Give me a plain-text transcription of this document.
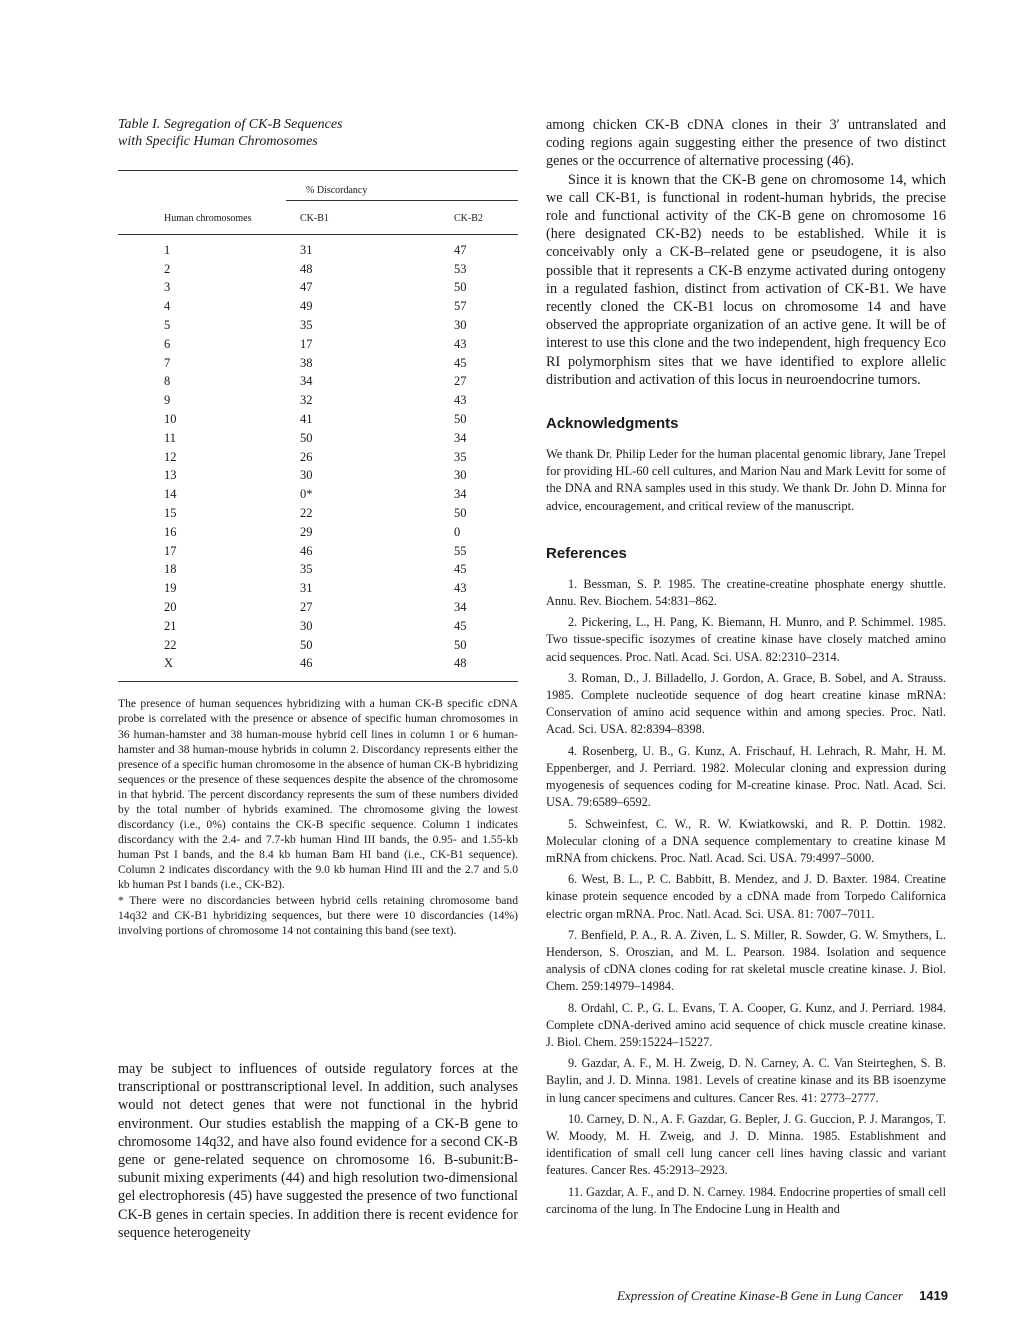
Table I. Segregation of CK-B Sequences
with Specific Human Chromosomes

	% Discordancy	
Human chromosomes	CK-B1	CK-B2
1	31	47
2	48	53
3	47	50
4	49	57
5	35	30
6	17	43
7	38	45
8	34	27
9	32	43
10	41	50
11	50	34
12	26	35
13	30	30
14	0*	34
15	22	50
16	29	0
17	46	55
18	35	45
19	31	43
20	27	34
21	30	45
22	50	50
X	46	48

The presence of human sequences hybridizing with a human CK-B specific cDNA probe is correlated with the presence or absence of specific human chromosomes in 36 human-hamster and 38 human-mouse hybrid cell lines in column 1 or 6 human-hamster and 38 human-mouse hybrids in column 2. Discordancy represents either the presence of a specific human chromosome in the absence of human CK-B hybridizing sequences or the presence of these sequences despite the absence of the chromosome in that hybrid. The percent discordancy represents the sum of these numbers divided by the total number of hybrids examined. The chromosome giving the lowest discordancy (i.e., 0%) contains the CK-B specific sequence. Column 1 indicates discordancy with the 2.4- and 7.7-kb human Hind III bands, the 0.95- and 1.55-kb human Pst I bands, and the 8.4 kb human Bam HI band (i.e., CK-B1 sequence). Column 2 indicates discordancy with the 9.0 kb human Hind III and the 2.7 and 5.0 kb human Pst I bands (i.e., CK-B2).

* There were no discordancies between hybrid cells retaining chromosome band 14q32 and CK-B1 hybridizing sequences, but there were 10 discordancies (14%) involving portions of chromosome 14 not containing this band (see text).

may be subject to influences of outside regulatory forces at the transcriptional or posttranscriptional level. In addition, such analyses would not detect genes that were not functional in the hybrid environment. Our studies establish the mapping of a CK-B gene to chromosome 14q32, and have also found evidence for a second CK-B gene or gene-related sequence on chromosome 16. B-subunit:B-subunit mixing experiments (44) and high resolution two-dimensional gel electrophoresis (45) have suggested the presence of two functional CK-B genes in certain species. In addition there is recent evidence for sequence heterogeneity

among chicken CK-B cDNA clones in their 3′ untranslated and coding regions again suggesting either the presence of two distinct genes or the occurrence of alternative processing (46).

Since it is known that the CK-B gene on chromosome 14, which we call CK-B1, is functional in rodent-human hybrids, the precise role and functional activity of the CK-B gene on chromosome 16 (here designated CK-B2) needs to be established. While it is conceivably only a CK-B–related gene or pseudogene, it is also possible that it represents a CK-B enzyme activated during ontogeny in a regulated fashion, distinct from activation of CK-B1. We have recently cloned the CK-B1 locus on chromosome 14 and have observed the appropriate organization of an active gene. It will be of interest to use this clone and the two independent, high frequency Eco RI polymorphism sites that we have identified to explore allelic distribution and activation of this locus in neuroendocrine tumors.

Acknowledgments

We thank Dr. Philip Leder for the human placental genomic library, Jane Trepel for providing HL-60 cell cultures, and Marion Nau and Mark Levitt for some of the DNA and RNA samples used in this study. We thank Dr. John D. Minna for advice, encouragement, and critical review of the manuscript.

References

1. Bessman, S. P. 1985. The creatine-creatine phosphate energy shuttle. Annu. Rev. Biochem. 54:831–862.

2. Pickering, L., H. Pang, K. Biemann, H. Munro, and P. Schimmel. 1985. Two tissue-specific isozymes of creatine kinase have closely matched amino acid sequences. Proc. Natl. Acad. Sci. USA. 82:2310–2314.

3. Roman, D., J. Billadello, J. Gordon, A. Grace, B. Sobel, and A. Strauss. 1985. Complete nucleotide sequence of dog heart creatine kinase mRNA: Conservation of amino acid sequence within and among species. Proc. Natl. Acad. Sci. USA. 82:8394–8398.

4. Rosenberg, U. B., G. Kunz, A. Frischauf, H. Lehrach, R. Mahr, H. M. Eppenberger, and J. Perriard. 1982. Molecular cloning and expression during myogenesis of sequences coding for M-creatine kinase. Proc. Natl. Acad. Sci. USA. 79:6589–6592.

5. Schweinfest, C. W., R. W. Kwiatkowski, and R. P. Dottin. 1982. Molecular cloning of a DNA sequence complementary to creatine kinase M mRNA from chickens. Proc. Natl. Acad. Sci. USA. 79:4997–5000.

6. West, B. L., P. C. Babbitt, B. Mendez, and J. D. Baxter. 1984. Creatine kinase protein sequence encoded by a cDNA made from Torpedo Californica electric organ mRNA. Proc. Natl. Acad. Sci. USA. 81: 7007–7011.

7. Benfield, P. A., R. A. Ziven, L. S. Miller, R. Sowder, G. W. Smythers, L. Henderson, S. Oroszian, and M. L. Pearson. 1984. Isolation and sequence analysis of cDNA clones coding for rat skeletal muscle creatine kinase. J. Biol. Chem. 259:14979–14984.

8. Ordahl, C. P., G. L. Evans, T. A. Cooper, G. Kunz, and J. Perriard. 1984. Complete cDNA-derived amino acid sequence of chick muscle creatine kinase. J. Biol. Chem. 259:15224–15227.

9. Gazdar, A. F., M. H. Zweig, D. N. Carney, A. C. Van Steirteghen, S. B. Baylin, and J. D. Minna. 1981. Levels of creatine kinase and its BB isoenzyme in lung cancer specimens and cultures. Cancer Res. 41: 2773–2777.

10. Carney, D. N., A. F. Gazdar, G. Bepler, J. G. Guccion, P. J. Marangos, T. W. Moody, M. H. Zweig, and J. D. Minna. 1985. Establishment and identification of small cell lung cancer cell lines having classic and variant features. Cancer Res. 45:2913–2923.

11. Gazdar, A. F., and D. N. Carney. 1984. Endocrine properties of small cell carcinoma of the lung. In The Endocine Lung in Health and

Expression of Creatine Kinase-B Gene in Lung Cancer 1419
